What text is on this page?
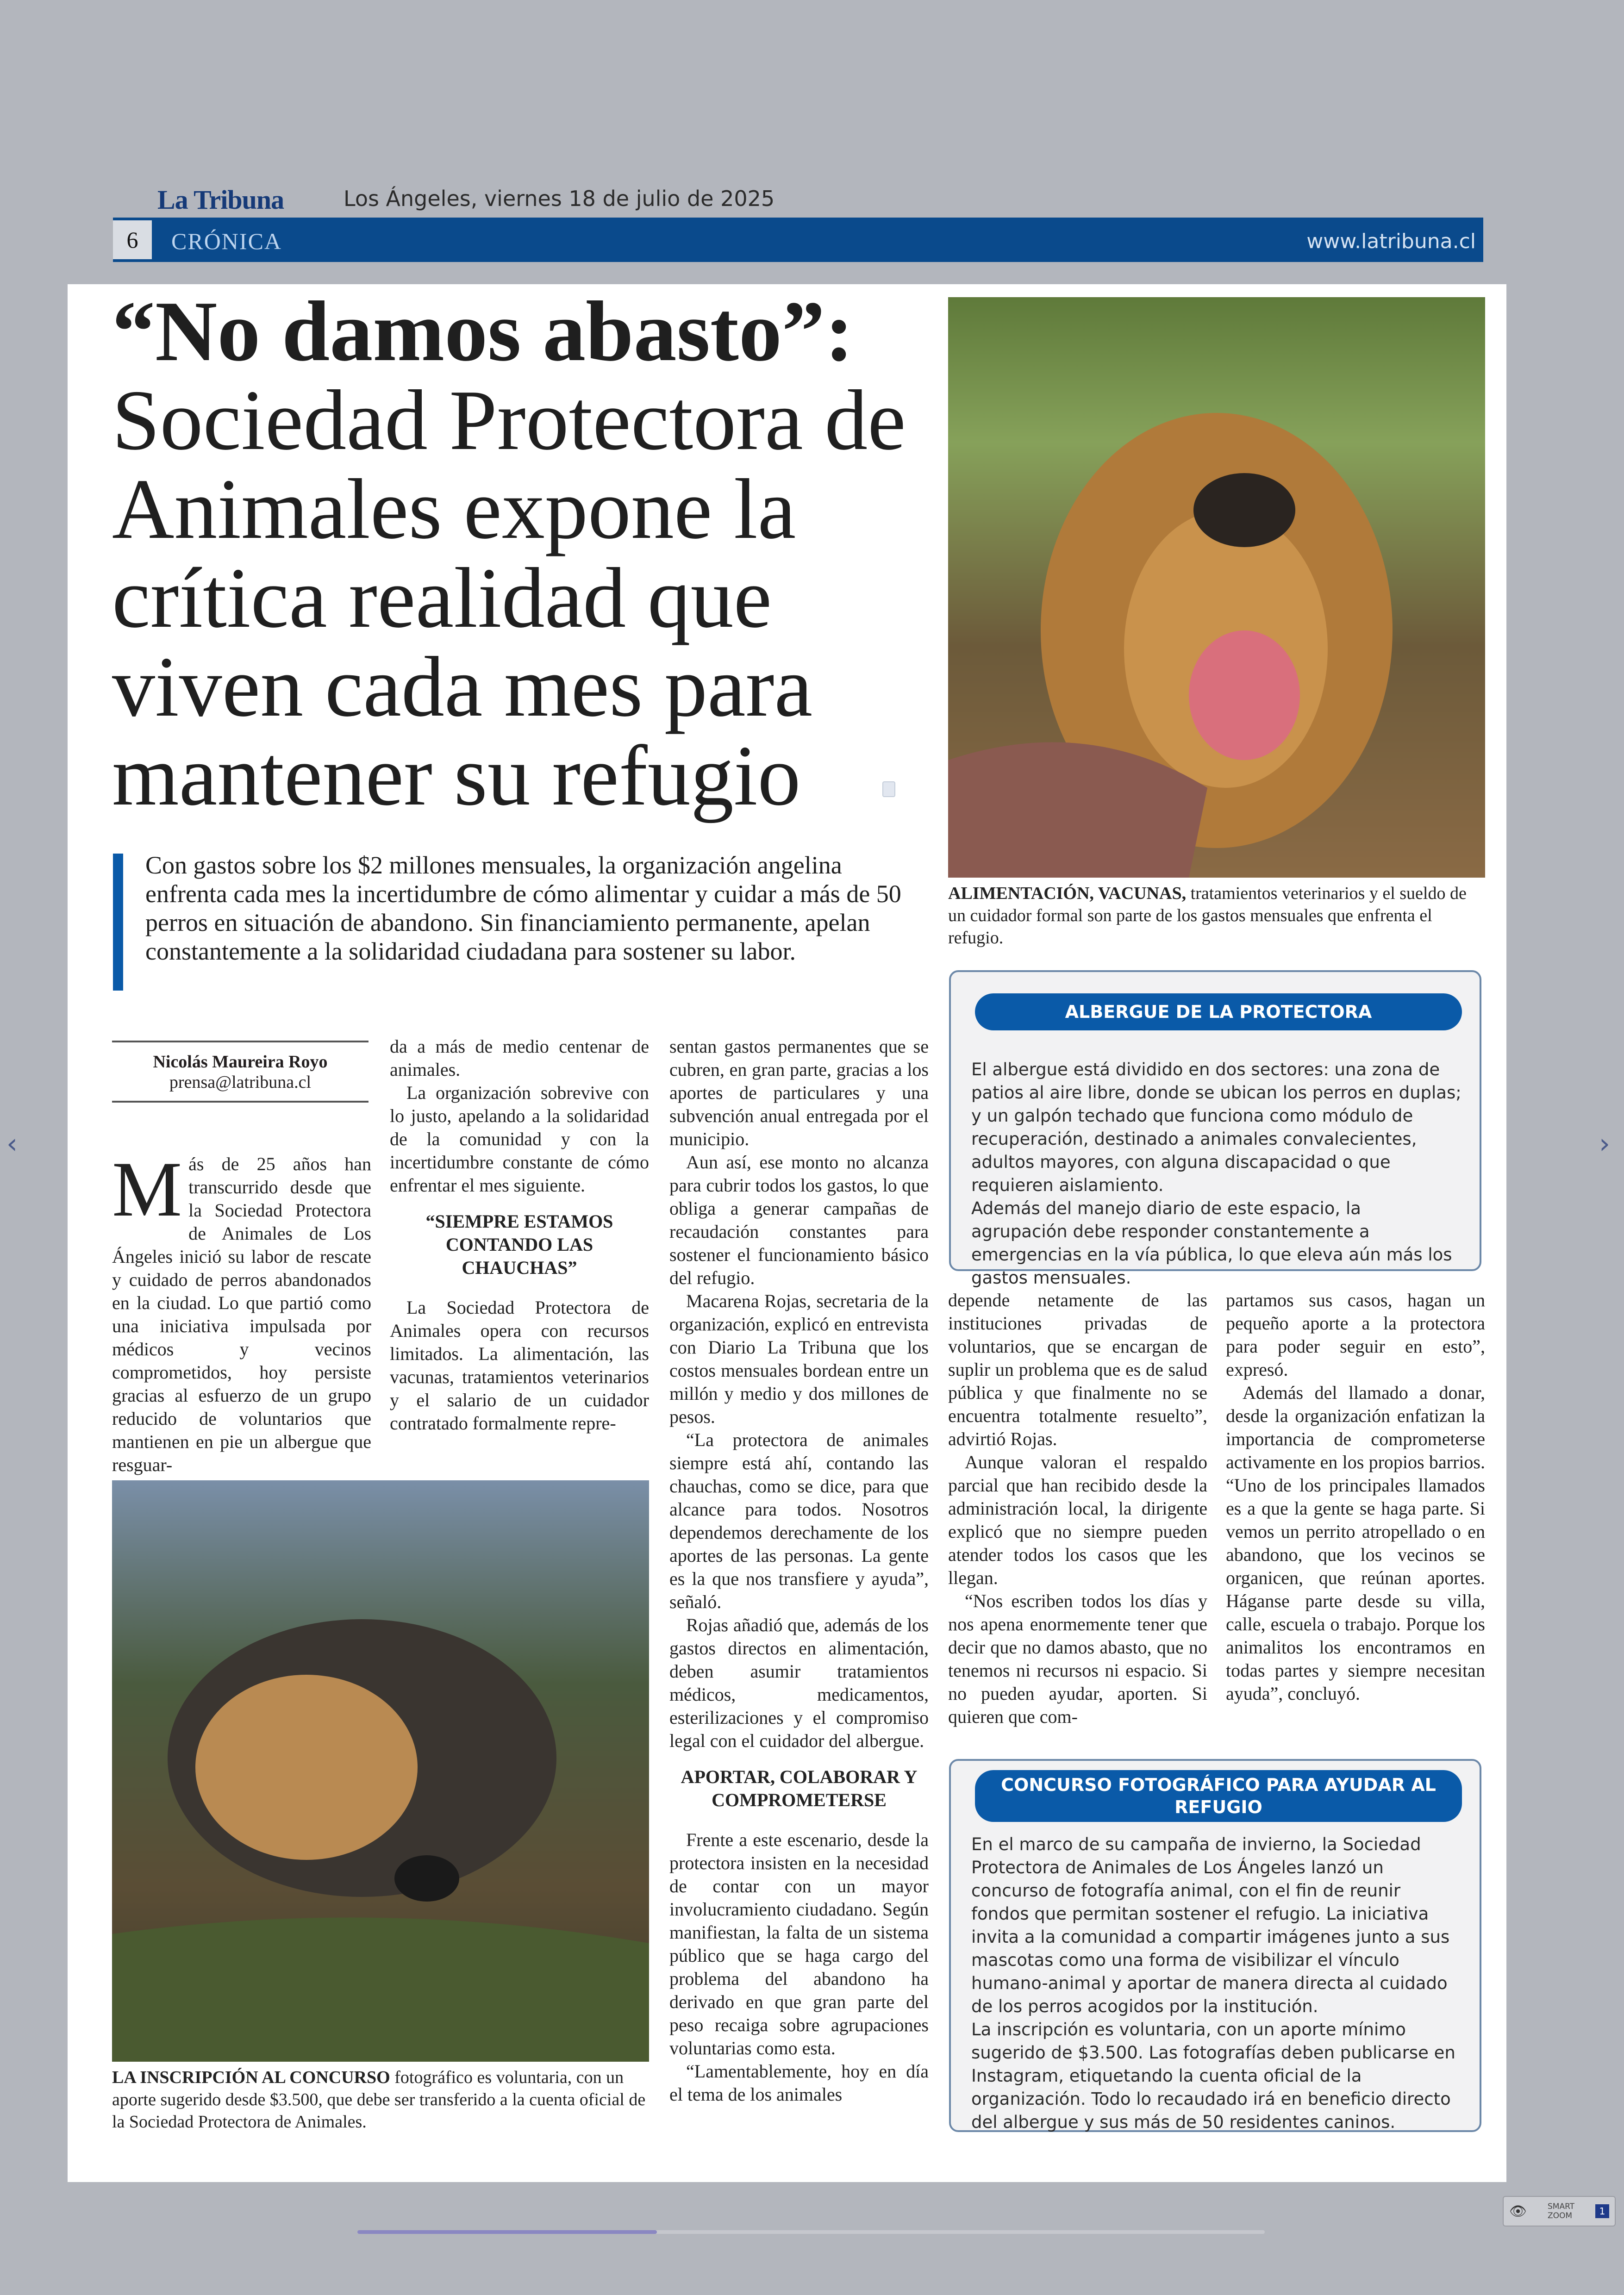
La Tribuna	Los Ángeles, viernes 18 de julio de 2025
6	CRÓNICA	www.latribuna.cl
“No damos abasto”:
Sociedad Protectora de Animales expone la crítica realidad que viven cada mes para mantener su refugio
Con gastos sobre los $2 millones mensuales, la organización angelina enfrenta cada mes la incertidumbre de cómo alimentar y cuidar a más de 50 perros en situación de abandono. Sin financiamiento permanente, apelan constantemente a la solidaridad ciudadana para sostener su labor.
ALIMENTACIÓN, VACUNAS, tratamientos veterinarios y el sueldo de un cuidador formal son parte de los gastos mensuales que enfrenta el refugio.
LA INSCRIPCIÓN AL CONCURSO fotográfico es voluntaria, con un aporte sugerido desde $3.500, que debe ser transferido a la cuenta oficial de la Sociedad Protectora de Animales.
Nicolás Maureira Royo
prensa@latribuna.cl
M ás de 25 años han transcurrido desde que la Sociedad Protectora de Animales de Los Ángeles inició su labor de rescate y cuidado de perros abandonados en la ciudad. Lo que partió como una iniciativa impulsada por médicos y vecinos comprometidos, hoy persiste gracias al esfuerzo de un grupo reducido de voluntarios que mantienen en pie un albergue que resguar-

da a más de medio centenar de animales.

La organización sobrevive con lo justo, apelando a la solidaridad de la comunidad y con la incertidumbre constante de cómo enfrentar el mes siguiente.

“SIEMPRE ESTAMOS CONTANDO LAS CHAUCHAS”

La Sociedad Protectora de Animales opera con recursos limitados. La alimentación, las vacunas, tratamientos veterinarios y el salario de un cuidador contratado formalmente repre-

sentan gastos permanentes que se cubren, en gran parte, gracias a los aportes de particulares y una subvención anual entregada por el municipio.

Aun así, ese monto no alcanza para cubrir todos los gastos, lo que obliga a generar campañas de recaudación constantes para sostener el funcionamiento básico del refugio.

Macarena Rojas, secretaria de la organización, explicó en entrevista con Diario La Tribuna que los costos mensuales bordean entre un millón y medio y dos millones de pesos.

“La protectora de animales siempre está ahí, contando las chauchas, como se dice, para que alcance para todos. Nosotros dependemos derechamente de los aportes de las personas. La gente es la que nos transfiere y ayuda”, señaló.

Rojas añadió que, además de los gastos directos en alimentación, deben asumir tratamientos médicos, medicamentos, esterilizaciones y el compromiso legal con el cuidador del albergue.

APORTAR, COLABORAR Y COMPROMETERSE

Frente a este escenario, desde la protectora insisten en la necesidad de contar con un mayor involucramiento ciudadano. Según manifiestan, la falta de un sistema público que se haga cargo del problema del abandono ha derivado en que gran parte del peso recaiga sobre agrupaciones voluntarias como esta.

“Lamentablemente, hoy en día el tema de los animales

depende netamente de las instituciones privadas de voluntarios, que se encargan de suplir un problema que es de salud pública y que finalmente no se encuentra totalmente resuelto”, advirtió Rojas.

Aunque valoran el respaldo parcial que han recibido desde la administración local, la dirigente explicó que no siempre pueden atender todos los casos que les llegan.

“Nos escriben todos los días y nos apena enormemente tener que decir que no damos abasto, que no tenemos ni recursos ni espacio. Si no pueden ayudar, aporten. Si quieren que com-

partamos sus casos, hagan un pequeño aporte a la protectora para poder seguir en esto”, expresó.

Además del llamado a donar, desde la organización enfatizan la importancia de comprometerse activamente en los propios barrios. “Uno de los principales llamados es a que la gente se haga parte. Si vemos un perrito atropellado o en abandono, que los vecinos se organicen, que reúnan aportes. Háganse parte desde su villa, calle, escuela o trabajo. Porque los animalitos los encontramos en todas partes y siempre necesitan ayuda”, concluyó.

ALBERGUE DE LA PROTECTORA

El albergue está dividido en dos sectores: una zona de patios al aire libre, donde se ubican los perros en duplas; y un galpón techado que funciona como módulo de recuperación, destinado a animales convalecientes, adultos mayores, con alguna discapacidad o que requieren aislamiento.

Además del manejo diario de este espacio, la agrupación debe responder constantemente a emergencias en la vía pública, lo que eleva aún más los gastos mensuales.

CONCURSO FOTOGRÁFICO PARA AYUDAR AL REFUGIO

En el marco de su campaña de invierno, la Sociedad Protectora de Animales de Los Ángeles lanzó un concurso de fotografía animal, con el fin de reunir fondos que permitan sostener el refugio. La iniciativa invita a la comunidad a compartir imágenes junto a sus mascotas como una forma de visibilizar el vínculo humano-animal y aportar de manera directa al cuidado de los perros acogidos por la institución.

La inscripción es voluntaria, con un aporte mínimo sugerido de $3.500. Las fotografías deben publicarse en Instagram, etiquetando la cuenta oficial de la organización. Todo lo recaudado irá en beneficio directo del albergue y sus más de 50 residentes caninos.

‹	›
👁	SMART
ZOOM	1
